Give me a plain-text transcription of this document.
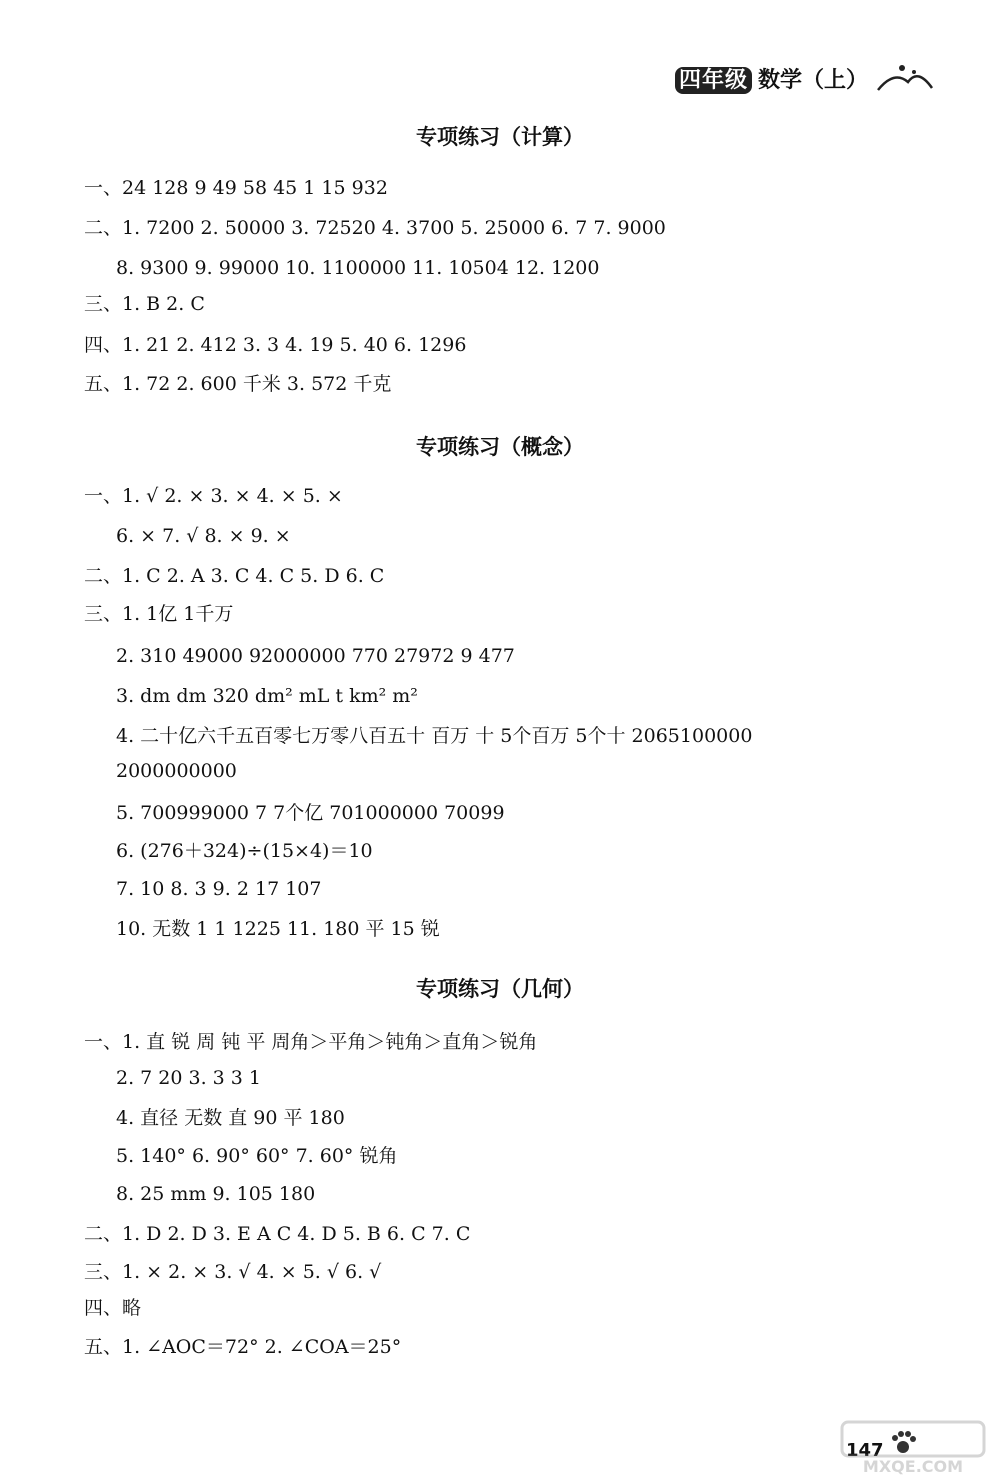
四年级 数学（上）
专项练习（计算）
一、24 128 9 49 58 45 1 15 932
二、1. 7200 2. 50000 3. 72520 4. 3700 5. 25000 6. 7 7. 9000
8. 9300 9. 99000 10. 1100000 11. 10504 12. 1200
三、1. B 2. C
四、1. 21 2. 412 3. 3 4. 19 5. 40 6. 1296
五、1. 72 2. 600 千米 3. 572 千克
专项练习（概念）
一、1. √ 2. × 3. × 4. × 5. ×
6. × 7. √ 8. × 9. ×
二、1. C 2. A 3. C 4. C 5. D 6. C
三、1. 1亿 1千万
2. 310 49000 92000000 770 27972 9 477
3. dm dm 320 dm² mL t km² m²
4. 二十亿六千五百零七万零八百五十 百万 十 5个百万 5个十 2065100000
2000000000
5. 700999000 7 7个亿 701000000 70099
6. (276＋324)÷(15×4)＝10
7. 10 8. 3 9. 2 17 107
10. 无数 1 1 1225 11. 180 平 15 锐
专项练习（几何）
一、1. 直 锐 周 钝 平 周角＞平角＞钝角＞直角＞锐角
2. 7 20 3. 3 3 1
4. 直径 无数 直 90 平 180
5. 140° 6. 90° 60° 7. 60° 锐角
8. 25 mm 9. 105 180
二、1. D 2. D 3. E A C 4. D 5. B 6. C 7. C
三、1. × 2. × 3. √ 4. × 5. √ 6. √
四、略
五、1. ∠AOC＝72° 2. ∠COA＝25°
147
MXQE.COM
